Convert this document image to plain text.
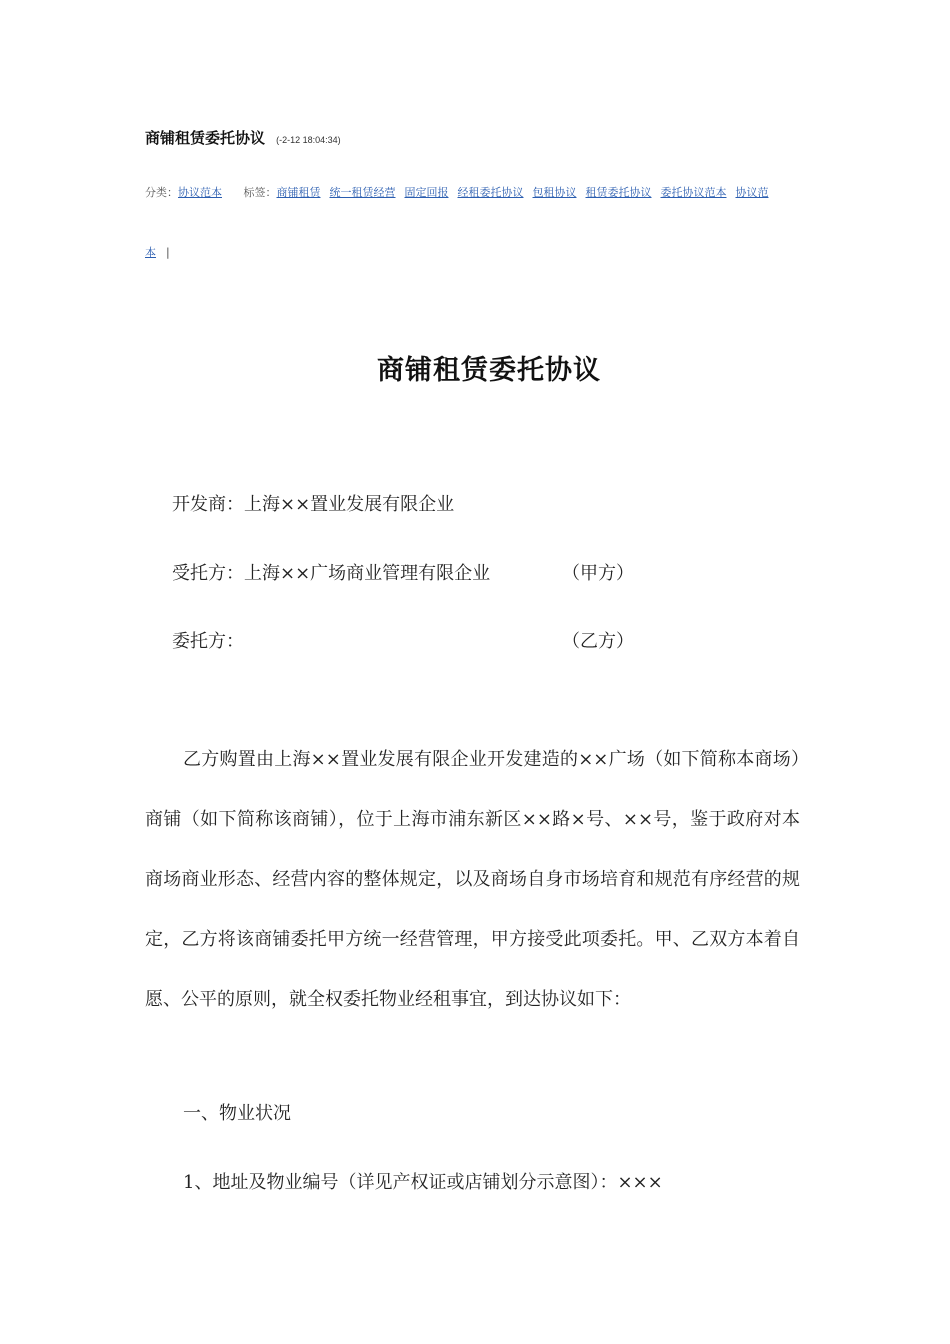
商铺租赁委托协议 (-2-12 18:04:34)
分类：协议范本 标签：商铺租赁 统一租赁经营 固定回报 经租委托协议 包租协议 租赁委托协议 委托协议范本 协议范
本 |
商铺租赁委托协议
开发商：上海××置业发展有限企业
受托方：上海××广场商业管理有限企业	（甲方）
委托方：	（乙方）
乙方购置由上海××置业发展有限企业开发建造的××广场（如下简称本商场）商铺（如下简称该商铺），位于上海市浦东新区××路×号、××号，鉴于政府对本商场商业形态、经营内容的整体规定，以及商场自身市场培育和规范有序经营的规定，乙方将该商铺委托甲方统一经营管理，甲方接受此项委托。甲、乙双方本着自愿、公平的原则，就全权委托物业经租事宜，到达协议如下：
一、物业状况
1、地址及物业编号（详见产权证或店铺划分示意图）：×××
